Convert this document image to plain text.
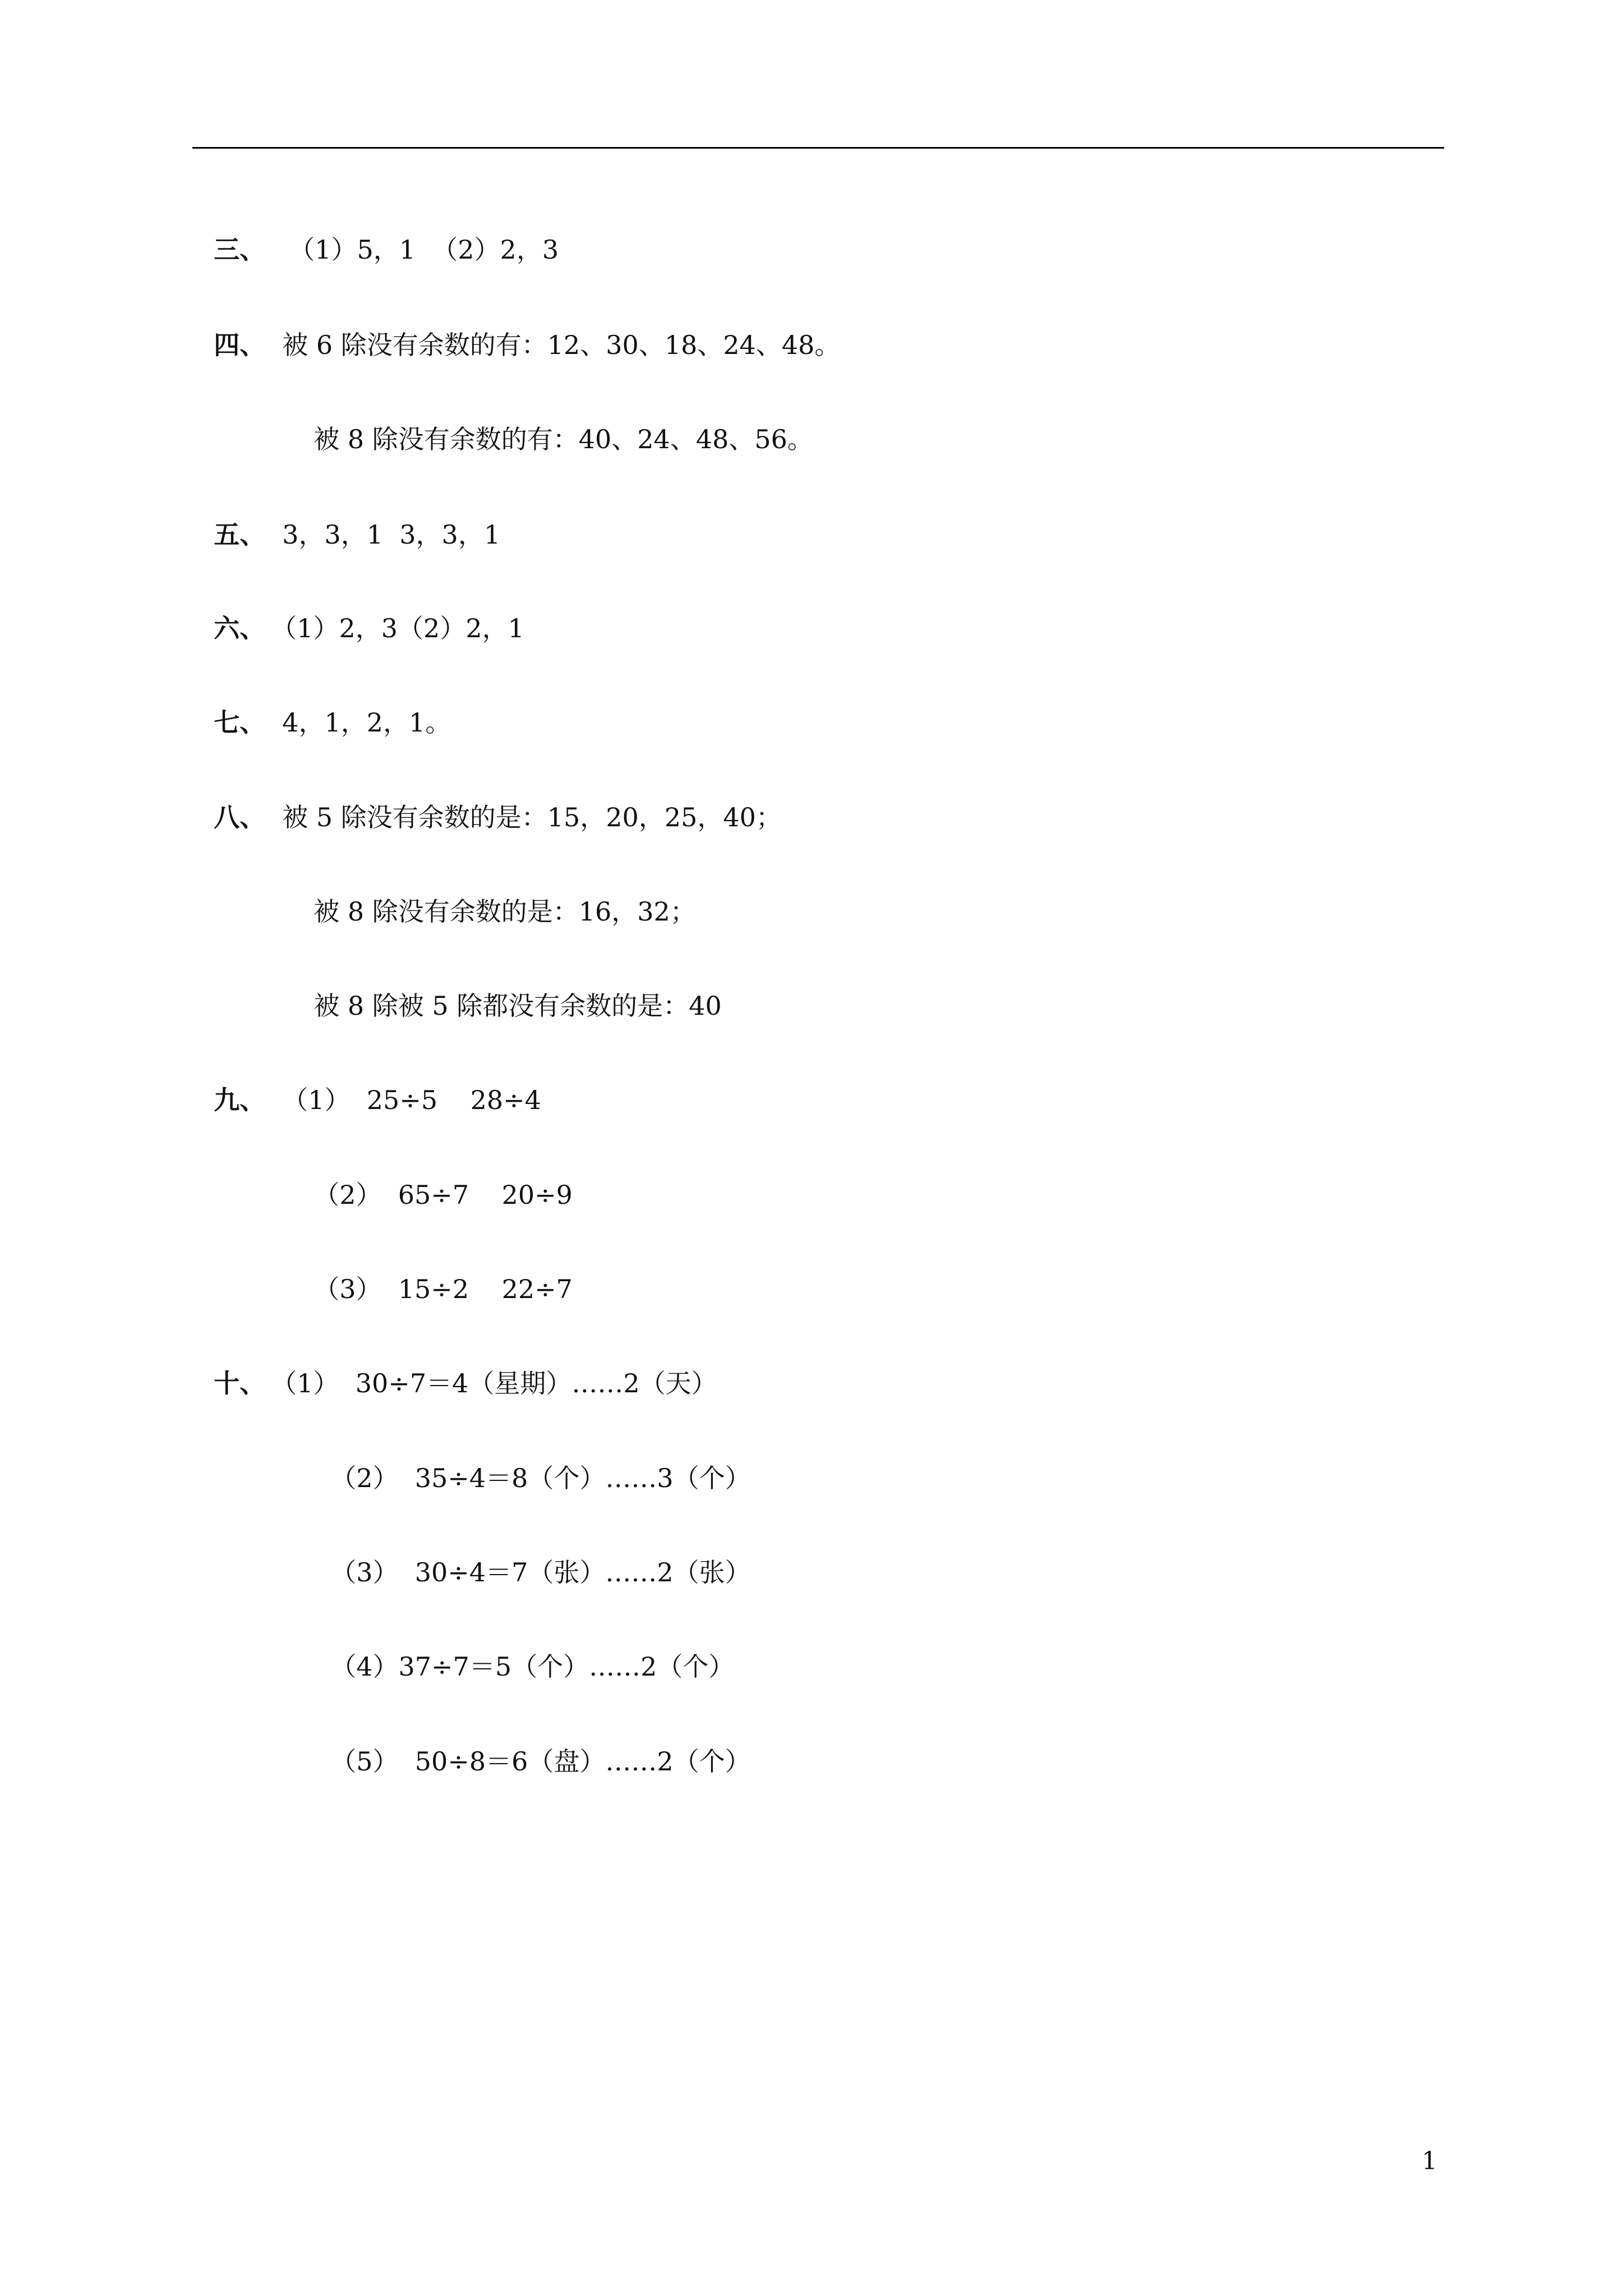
三、 （1）5，1  （2）2，3

四、 被 6 除没有余数的有：12、30、18、24、48。

被 8 除没有余数的有：40、24、48、56。

五、 3，3，1  3，3，1

六、 （1）2，3（2）2，1

七、 4，1，2，1。

八、 被 5 除没有余数的是：15，20，25，40；

被 8 除没有余数的是：16，32；

被 8 除被 5 除都没有余数的是：40

九、 （1）  25÷5    28÷4

（2）  65÷7    20÷9

（3）  15÷2    22÷7

十、 （1）  30÷7＝4（星期）……2（天）

（2）  35÷4＝8（个）……3（个）

（3）  30÷4＝7（张）……2（张）

（4）37÷7＝5（个）……2（个）

（5）  50÷8＝6（盘）……2（个）

1
